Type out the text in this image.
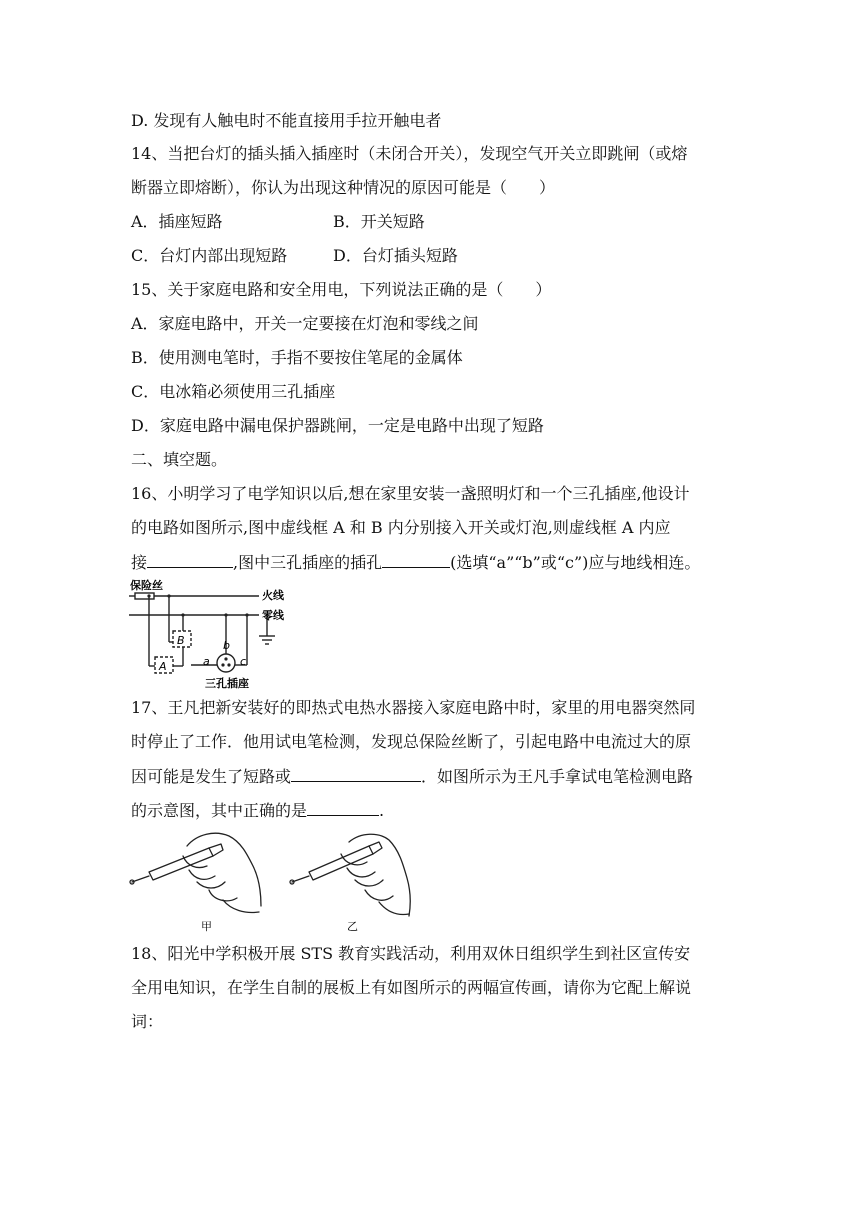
D. 发现有人触电时不能直接用手拉开触电者
14、当把台灯的插头插入插座时（未闭合开关），发现空气开关立即跳闸（或熔
断器立即熔断），你认为出现这种情况的原因可能是（　　）
A．插座短路	B．开关短路
C．台灯内部出现短路	D．台灯插头短路
15、关于家庭电路和安全用电，下列说法正确的是（　　）
A．家庭电路中，开关一定要接在灯泡和零线之间
B．使用测电笔时，手指不要按住笔尾的金属体
C．电冰箱必须使用三孔插座
D．家庭电路中漏电保护器跳闸，一定是电路中出现了短路
二、填空题。
16、小明学习了电学知识以后,想在家里安装一盏照明灯和一个三孔插座,他设计
的电路如图所示,图中虚线框 A 和 B 内分别接入开关或灯泡,则虚线框 A 内应
接	,图中三孔插座的插孔	(选填“a”“b”或“c”)应与地线相连。
保险丝
火线
零线
A
B
a
b
c
三孔插座
17、王凡把新安装好的即热式电热水器接入家庭电路中时，家里的用电器突然同
时停止了工作．他用试电笔检测，发现总保险丝断了，引起电路中电流过大的原
因可能是发生了短路或	．如图所示为王凡手拿试电笔检测电路
的示意图，其中正确的是	.
甲	乙
18、阳光中学积极开展 STS 教育实践活动，利用双休日组织学生到社区宣传安
全用电知识，在学生自制的展板上有如图所示的两幅宣传画，请你为它配上解说
词：
